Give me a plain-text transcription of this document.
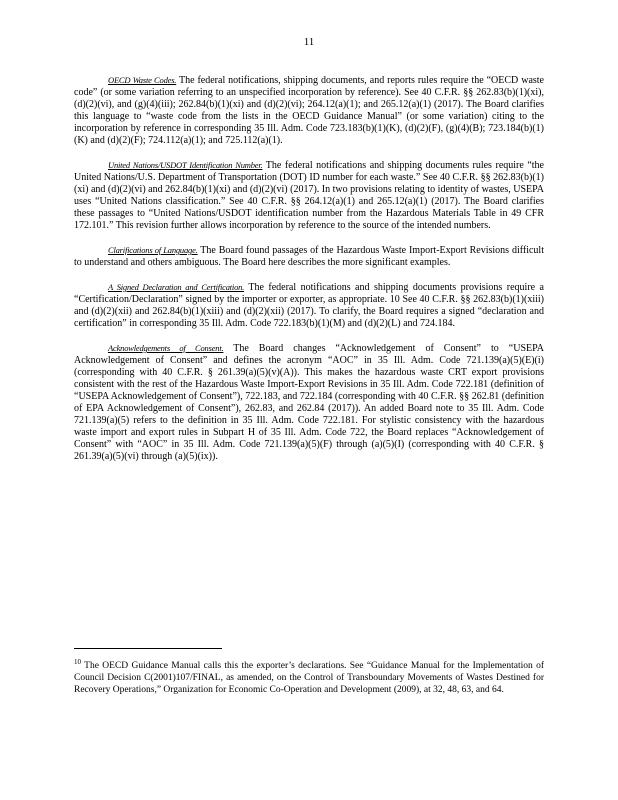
11

OECD Waste Codes. The federal notifications, shipping documents, and reports rules require the “OECD waste code” (or some variation referring to an unspecified incorporation by reference). See 40 C.F.R. §§ 262.83(b)(1)(xi), (d)(2)(vi), and (g)(4)(iii); 262.84(b)(1)(xi) and (d)(2)(vi); 264.12(a)(1); and 265.12(a)(1) (2017). The Board clarifies this language to “waste code from the lists in the OECD Guidance Manual” (or some variation) citing to the incorporation by reference in corresponding 35 Ill. Adm. Code 723.183(b)(1)(K), (d)(2)(F), (g)(4)(B); 723.184(b)(1)(K) and (d)(2)(F); 724.112(a)(1); and 725.112(a)(1).

United Nations/USDOT Identification Number. The federal notifications and shipping documents rules require “the United Nations/U.S. Department of Transportation (DOT) ID number for each waste.” See 40 C.F.R. §§ 262.83(b)(1)(xi) and (d)(2)(vi) and 262.84(b)(1)(xi) and (d)(2)(vi) (2017). In two provisions relating to identity of wastes, USEPA uses “United Nations classification.” See 40 C.F.R. §§ 264.12(a)(1) and 265.12(a)(1) (2017). The Board clarifies these passages to “United Nations/USDOT identification number from the Hazardous Materials Table in 49 CFR 172.101.” This revision further allows incorporation by reference to the source of the intended numbers.

Clarifications of Language. The Board found passages of the Hazardous Waste Import-Export Revisions difficult to understand and others ambiguous. The Board here describes the more significant examples.

A Signed Declaration and Certification. The federal notifications and shipping documents provisions require a “Certification/Declaration” signed by the importer or exporter, as appropriate. 10 See 40 C.F.R. §§ 262.83(b)(1)(xiii) and (d)(2)(xii) and 262.84(b)(1)(xiii) and (d)(2)(xii) (2017). To clarify, the Board requires a signed “declaration and certification” in corresponding 35 Ill. Adm. Code 722.183(b)(1)(M) and (d)(2)(L) and 724.184.

Acknowledgements of Consent. The Board changes “Acknowledgement of Consent” to “USEPA Acknowledgement of Consent” and defines the acronym “AOC” in 35 Ill. Adm. Code 721.139(a)(5)(E)(i) (corresponding with 40 C.F.R. § 261.39(a)(5)(v)(A)). This makes the hazardous waste CRT export provisions consistent with the rest of the Hazardous Waste Import-Export Revisions in 35 Ill. Adm. Code 722.181 (definition of “USEPA Acknowledgement of Consent”), 722.183, and 722.184 (corresponding with 40 C.F.R. §§ 262.81 (definition of EPA Acknowledgement of Consent”), 262.83, and 262.84 (2017)). An added Board note to 35 Ill. Adm. Code 721.139(a)(5) refers to the definition in 35 Ill. Adm. Code 722.181. For stylistic consistency with the hazardous waste import and export rules in Subpart H of 35 Ill. Adm. Code 722, the Board replaces “Acknowledgement of Consent” with “AOC” in 35 Ill. Adm. Code 721.139(a)(5)(F) through (a)(5)(I) (corresponding with 40 C.F.R. § 261.39(a)(5)(vi) through (a)(5)(ix)).

$^{10}$ The OECD Guidance Manual calls this the exporter’s declarations. See “Guidance Manual for the Implementation of Council Decision C(2001)107/FINAL, as amended, on the Control of Transboundary Movements of Wastes Destined for Recovery Operations,” Organization for Economic Co-Operation and Development (2009), at 32, 48, 63, and 64.
